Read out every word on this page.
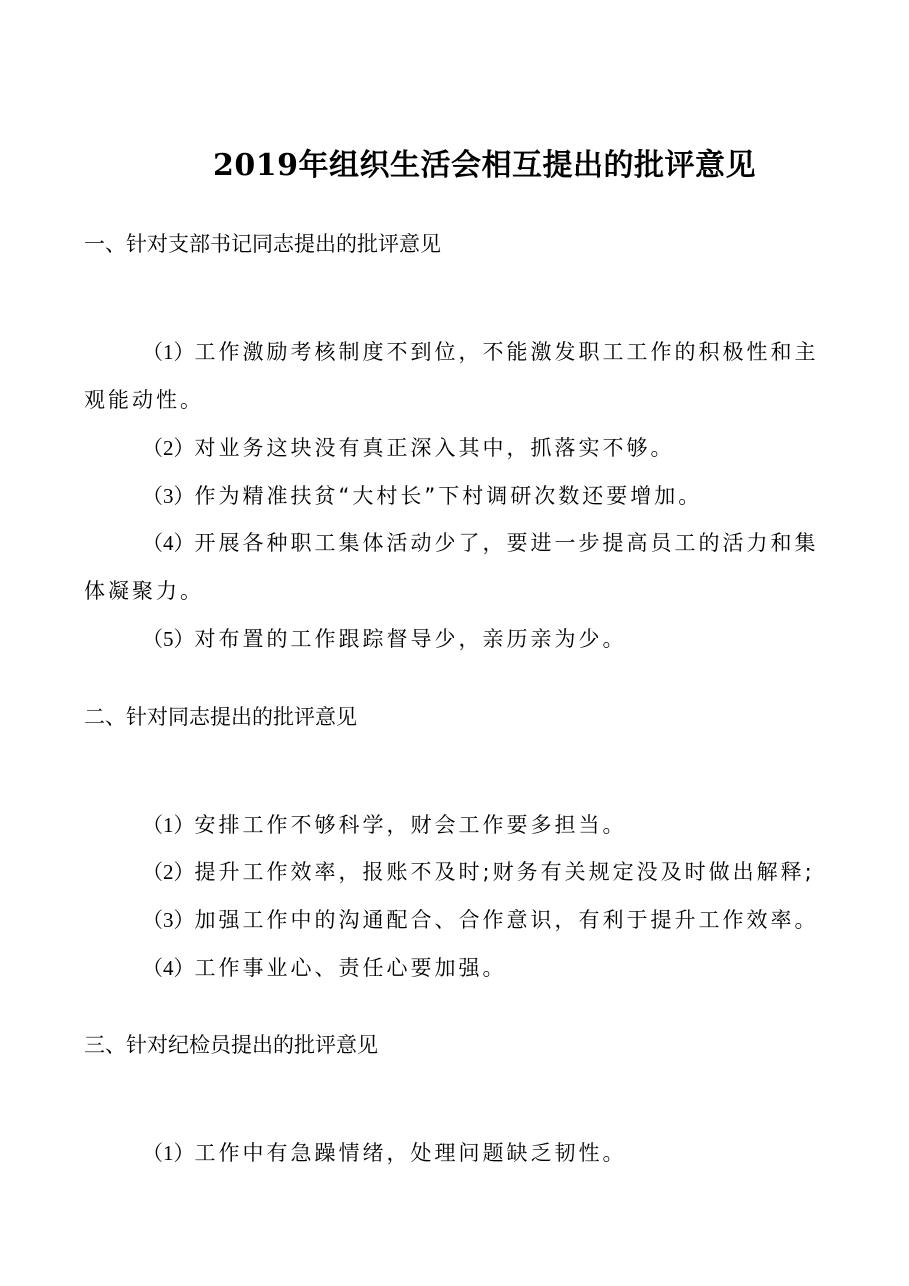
2019年组织生活会相互提出的批评意见
一、针对支部书记同志提出的批评意见
（1）工作激励考核制度不到位，不能激发职工工作的积极性和主观能动性。
（2）对业务这块没有真正深入其中，抓落实不够。
（3）作为精准扶贫“大村长”下村调研次数还要增加。
（4）开展各种职工集体活动少了，要进一步提高员工的活力和集体凝聚力。
（5）对布置的工作跟踪督导少，亲历亲为少。
二、针对同志提出的批评意见
（1）安排工作不够科学，财会工作要多担当。
（2）提升工作效率，报账不及时;财务有关规定没及时做出解释;
（3）加强工作中的沟通配合、合作意识，有利于提升工作效率。
（4）工作事业心、责任心要加强。
三、针对纪检员提出的批评意见
（1）工作中有急躁情绪，处理问题缺乏韧性。
